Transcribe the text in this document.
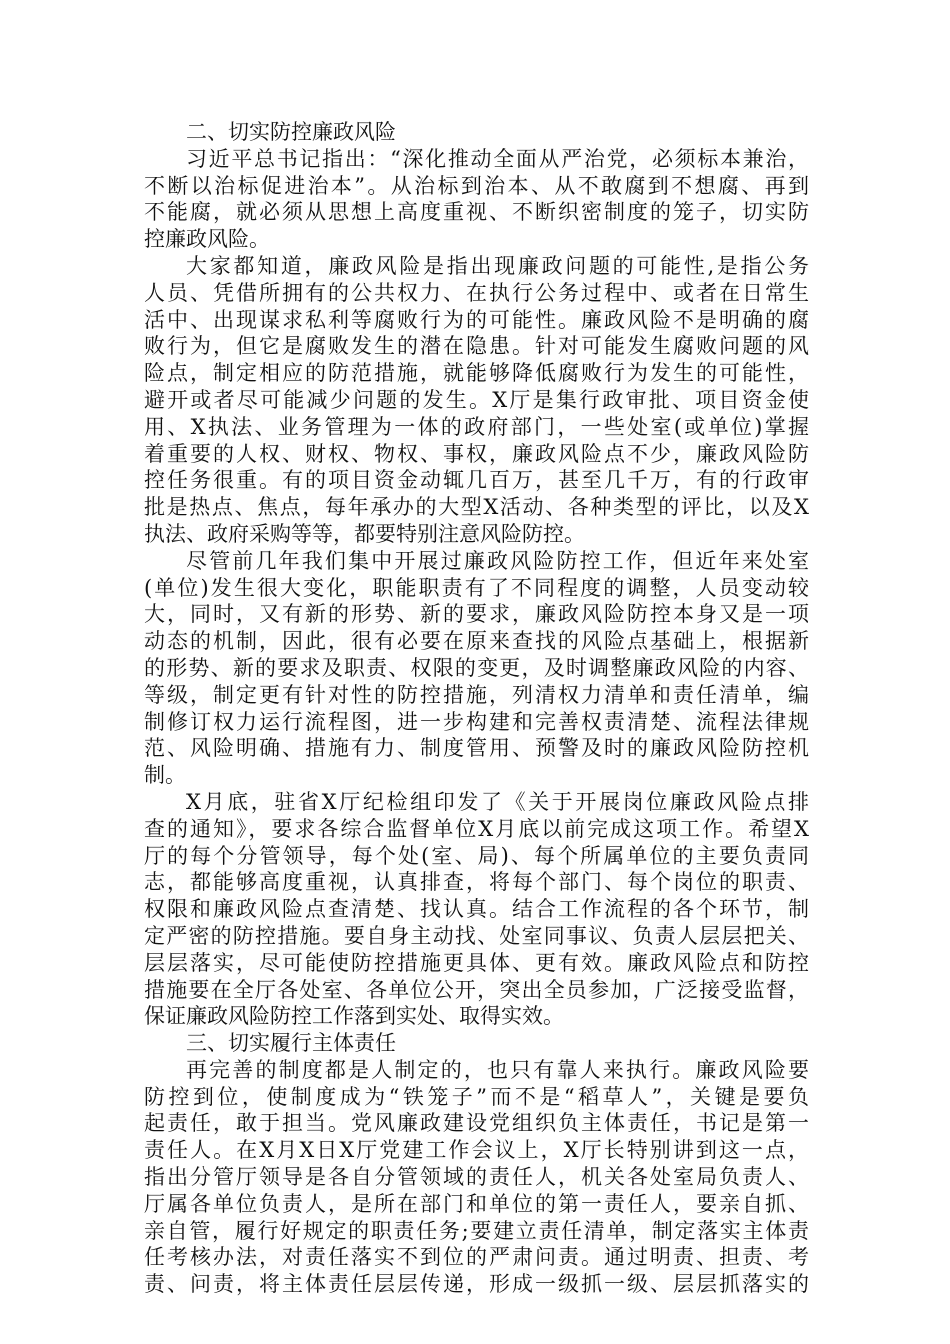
二、切实防控廉政风险
习近平总书记指出：“深化推动全面从严治党，必须标本兼治，
不断以治标促进治本”。从治标到治本、从不敢腐到不想腐、再到
不能腐，就必须从思想上高度重视、不断织密制度的笼子，切实防
控廉政风险。
大家都知道，廉政风险是指出现廉政问题的可能性,是指公务
人员、凭借所拥有的公共权力、在执行公务过程中、或者在日常生
活中、出现谋求私利等腐败行为的可能性。廉政风险不是明确的腐
败行为，但它是腐败发生的潜在隐患。针对可能发生腐败问题的风
险点，制定相应的防范措施，就能够降低腐败行为发生的可能性，
避开或者尽可能减少问题的发生。X厅是集行政审批、项目资金使
用、X执法、业务管理为一体的政府部门，一些处室(或单位)掌握
着重要的人权、财权、物权、事权，廉政风险点不少，廉政风险防
控任务很重。有的项目资金动辄几百万，甚至几千万，有的行政审
批是热点、焦点，每年承办的大型X活动、各种类型的评比，以及X
执法、政府采购等等，都要特别注意风险防控。
尽管前几年我们集中开展过廉政风险防控工作，但近年来处室
(单位)发生很大变化，职能职责有了不同程度的调整，人员变动较
大，同时，又有新的形势、新的要求，廉政风险防控本身又是一项
动态的机制，因此，很有必要在原来查找的风险点基础上，根据新
的形势、新的要求及职责、权限的变更，及时调整廉政风险的内容、
等级，制定更有针对性的防控措施，列清权力清单和责任清单，编
制修订权力运行流程图，进一步构建和完善权责清楚、流程法律规
范、风险明确、措施有力、制度管用、预警及时的廉政风险防控机
制。
X月底，驻省X厅纪检组印发了《关于开展岗位廉政风险点排
查的通知》，要求各综合监督单位X月底以前完成这项工作。希望X
厅的每个分管领导，每个处(室、局)、每个所属单位的主要负责同
志，都能够高度重视，认真排查，将每个部门、每个岗位的职责、
权限和廉政风险点查清楚、找认真。结合工作流程的各个环节，制
定严密的防控措施。要自身主动找、处室同事议、负责人层层把关、
层层落实，尽可能使防控措施更具体、更有效。廉政风险点和防控
措施要在全厅各处室、各单位公开，突出全员参加，广泛接受监督，
保证廉政风险防控工作落到实处、取得实效。
三、切实履行主体责任
再完善的制度都是人制定的，也只有靠人来执行。廉政风险要
防控到位，使制度成为“铁笼子”而不是“稻草人”，关键是要负
起责任，敢于担当。党风廉政建设党组织负主体责任，书记是第一
责任人。在X月X日X厅党建工作会议上，X厅长特别讲到这一点，
指出分管厅领导是各自分管领域的责任人，机关各处室局负责人、
厅属各单位负责人，是所在部门和单位的第一责任人，要亲自抓、
亲自管，履行好规定的职责任务;要建立责任清单，制定落实主体责
任考核办法，对责任落实不到位的严肃问责。通过明责、担责、考
责、问责，将主体责任层层传递，形成一级抓一级、层层抓落实的
